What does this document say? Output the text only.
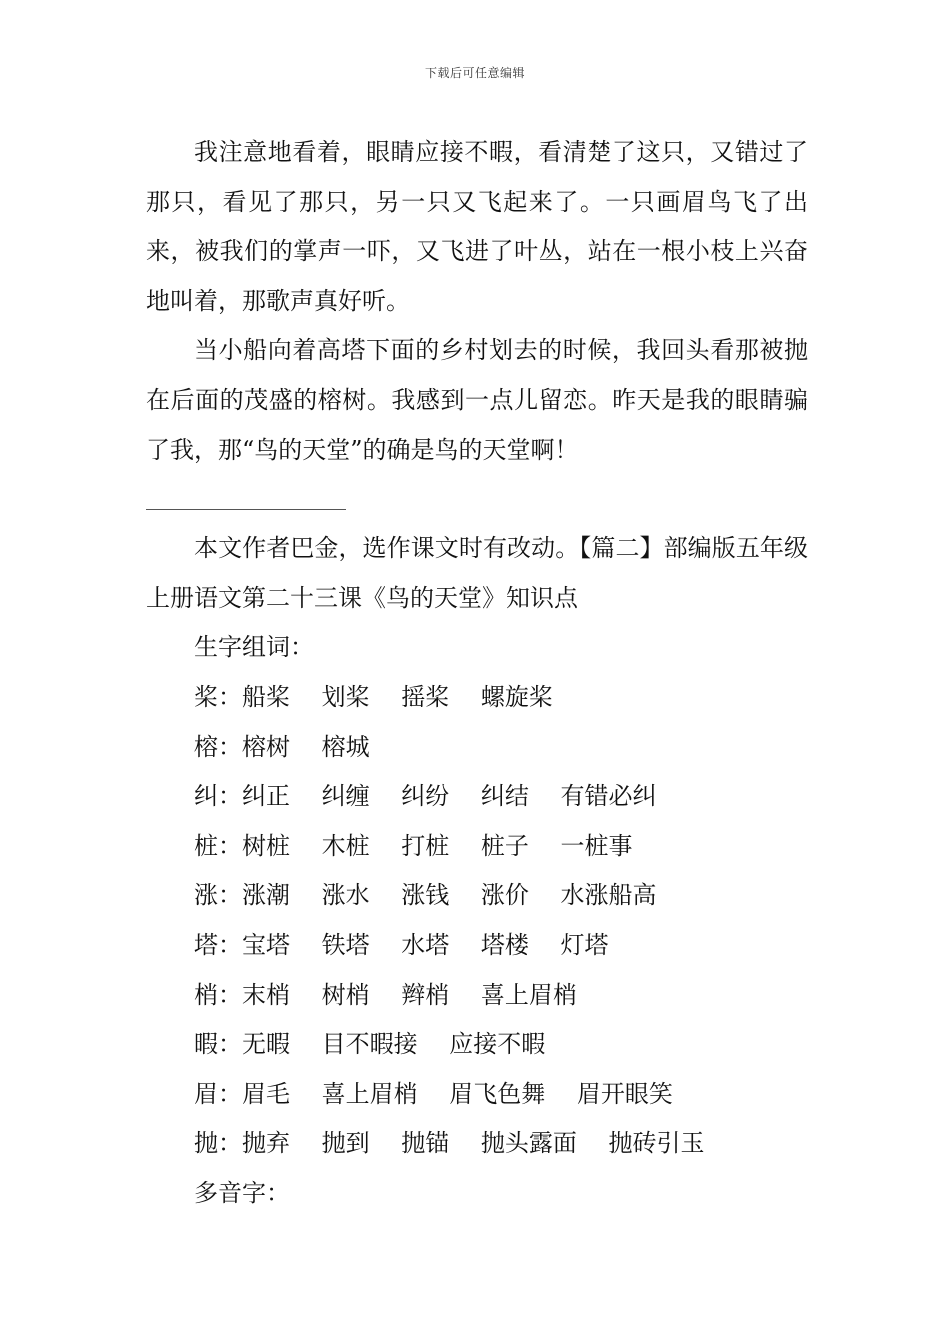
下载后可任意编辑

我注意地看着，眼睛应接不暇，看清楚了这只，又错过了那只，看见了那只，另一只又飞起来了。一只画眉鸟飞了出来，被我们的掌声一吓，又飞进了叶丛，站在一根小枝上兴奋地叫着，那歌声真好听。

当小船向着高塔下面的乡村划去的时候，我回头看那被抛在后面的茂盛的榕树。我感到一点儿留恋。昨天是我的眼睛骗了我，那“鸟的天堂”的确是鸟的天堂啊！

本文作者巴金，选作课文时有改动。【篇二】部编版五年级上册语文第二十三课《鸟的天堂》知识点

生字组词：

桨：船桨　 划桨　 摇桨　 螺旋桨

榕：榕树　 榕城

纠：纠正　 纠缠　 纠纷　 纠结　 有错必纠

桩：树桩　 木桩　 打桩　 桩子　 一桩事

涨：涨潮　 涨水　 涨钱　 涨价　 水涨船高

塔：宝塔　 铁塔　 水塔　 塔楼　 灯塔

梢：末梢　 树梢　 辫梢　 喜上眉梢

暇：无暇　 目不暇接　 应接不暇

眉：眉毛　 喜上眉梢　 眉飞色舞　 眉开眼笑

抛：抛弃　 抛到　 抛锚　 抛头露面　 抛砖引玉

多音字：
